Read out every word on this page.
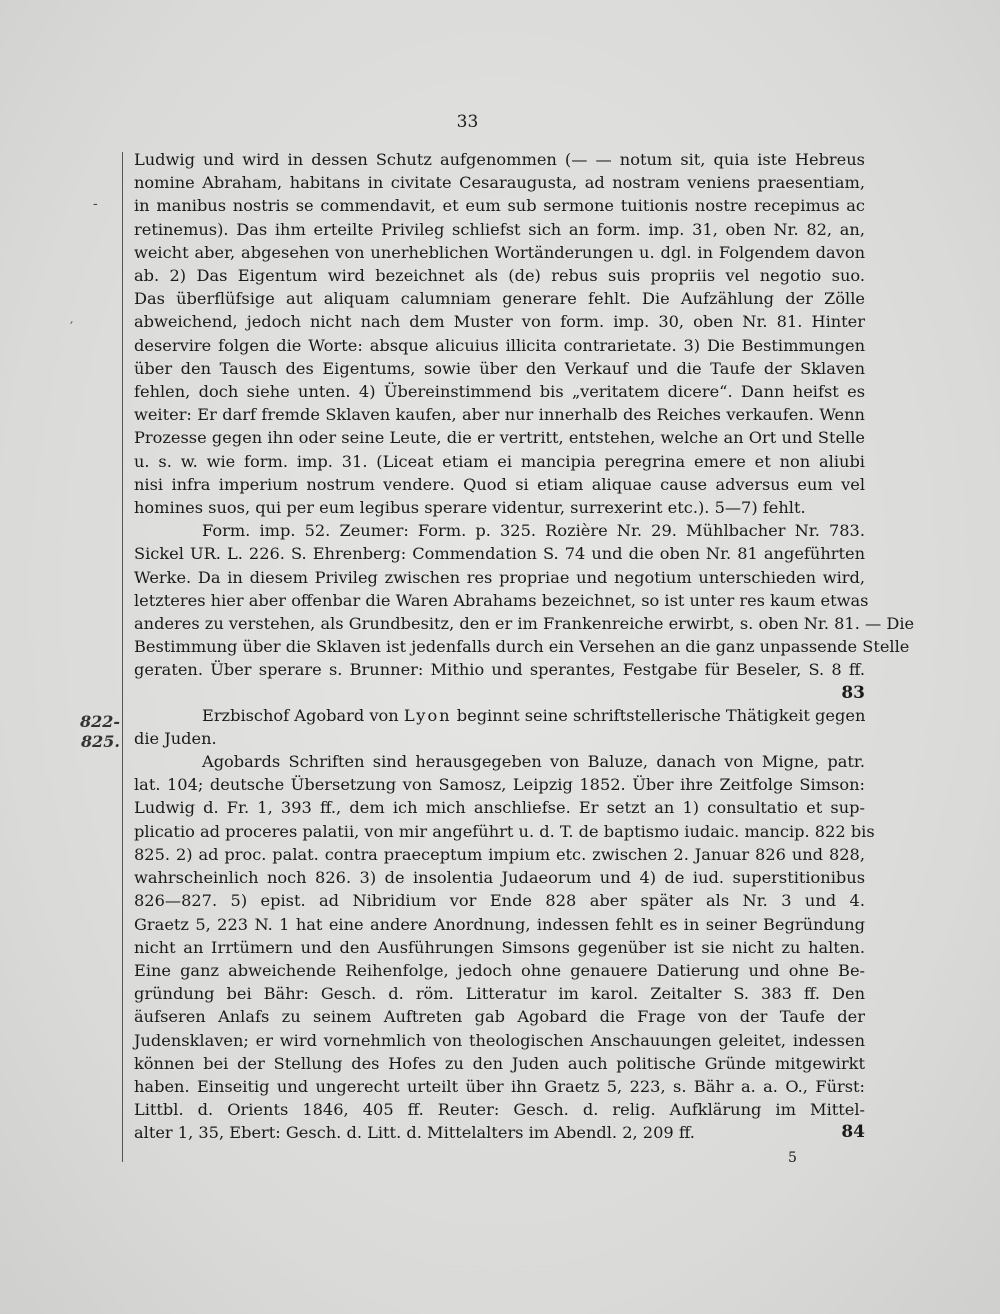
33
-
′
822-
825.
Ludwig und wird in dessen Schutz aufgenommen (— — notum sit, quia iste Hebreus
nomine Abraham, habitans in civitate Cesaraugusta, ad nostram veniens praesentiam,
in manibus nostris se commendavit, et eum sub sermone tuitionis nostre recepimus ac
retinemus). Das ihm erteilte Privileg schliefst sich an form. imp. 31, oben Nr. 82, an,
weicht aber, abgesehen von unerheblichen Wortänderungen u. dgl. in Folgendem davon
ab. 2) Das Eigentum wird bezeichnet als (de) rebus suis propriis vel negotio suo.
Das überflüfsige aut aliquam calumniam generare fehlt. Die Aufzählung der Zölle
abweichend, jedoch nicht nach dem Muster von form. imp. 30, oben Nr. 81. Hinter
deservire folgen die Worte: absque alicuius illicita contrarietate. 3) Die Bestimmungen
über den Tausch des Eigentums, sowie über den Verkauf und die Taufe der Sklaven
fehlen, doch siehe unten. 4) Übereinstimmend bis „veritatem dicere“. Dann heifst es
weiter: Er darf fremde Sklaven kaufen, aber nur innerhalb des Reiches verkaufen. Wenn
Prozesse gegen ihn oder seine Leute, die er vertritt, entstehen, welche an Ort und Stelle
u. s. w. wie form. imp. 31. (Liceat etiam ei mancipia peregrina emere et non aliubi
nisi infra imperium nostrum vendere. Quod si etiam aliquae cause adversus eum vel
homines suos, qui per eum legibus sperare videntur, surrexerint etc.). 5—7) fehlt.
Form. imp. 52. Zeumer: Form. p. 325. Rozière Nr. 29. Mühlbacher Nr. 783.
Sickel UR. L. 226. S. Ehrenberg: Commendation S. 74 und die oben Nr. 81 angeführten
Werke. Da in diesem Privileg zwischen res propriae und negotium unterschieden wird,
letzteres hier aber offenbar die Waren Abrahams bezeichnet, so ist unter res kaum etwas
anderes zu verstehen, als Grundbesitz, den er im Frankenreiche erwirbt, s. oben Nr. 81. — Die
Bestimmung über die Sklaven ist jedenfalls durch ein Versehen an die ganz unpassende Stelle
geraten. Über sperare s. Brunner: Mithio und sperantes, Festgabe für Beseler, S. 8 ff.
83
Erzbischof Agobard von Lyon beginnt seine schriftstellerische Thätigkeit gegen
die Juden.
Agobards Schriften sind herausgegeben von Baluze, danach von Migne, patr.
lat. 104; deutsche Übersetzung von Samosz, Leipzig 1852. Über ihre Zeitfolge Simson:
Ludwig d. Fr. 1, 393 ff., dem ich mich anschliefse. Er setzt an 1) consultatio et sup-
plicatio ad proceres palatii, von mir angeführt u. d. T. de baptismo iudaic. mancip. 822 bis
825. 2) ad proc. palat. contra praeceptum impium etc. zwischen 2. Januar 826 und 828,
wahrscheinlich noch 826. 3) de insolentia Judaeorum und 4) de iud. superstitionibus
826—827. 5) epist. ad Nibridium vor Ende 828 aber später als Nr. 3 und 4.
Graetz 5, 223 N. 1 hat eine andere Anordnung, indessen fehlt es in seiner Begründung
nicht an Irrtümern und den Ausführungen Simsons gegenüber ist sie nicht zu halten.
Eine ganz abweichende Reihenfolge, jedoch ohne genauere Datierung und ohne Be-
gründung bei Bähr: Gesch. d. röm. Litteratur im karol. Zeitalter S. 383 ff. Den
äufseren Anlafs zu seinem Auftreten gab Agobard die Frage von der Taufe der
Judensklaven; er wird vornehmlich von theologischen Anschauungen geleitet, indessen
können bei der Stellung des Hofes zu den Juden auch politische Gründe mitgewirkt
haben. Einseitig und ungerecht urteilt über ihn Graetz 5, 223, s. Bähr a. a. O., Fürst:
Littbl. d. Orients 1846, 405 ff. Reuter: Gesch. d. relig. Aufklärung im Mittel-
alter 1, 35, Ebert: Gesch. d. Litt. d. Mittelalters im Abendl. 2, 209 ff.	84
5
